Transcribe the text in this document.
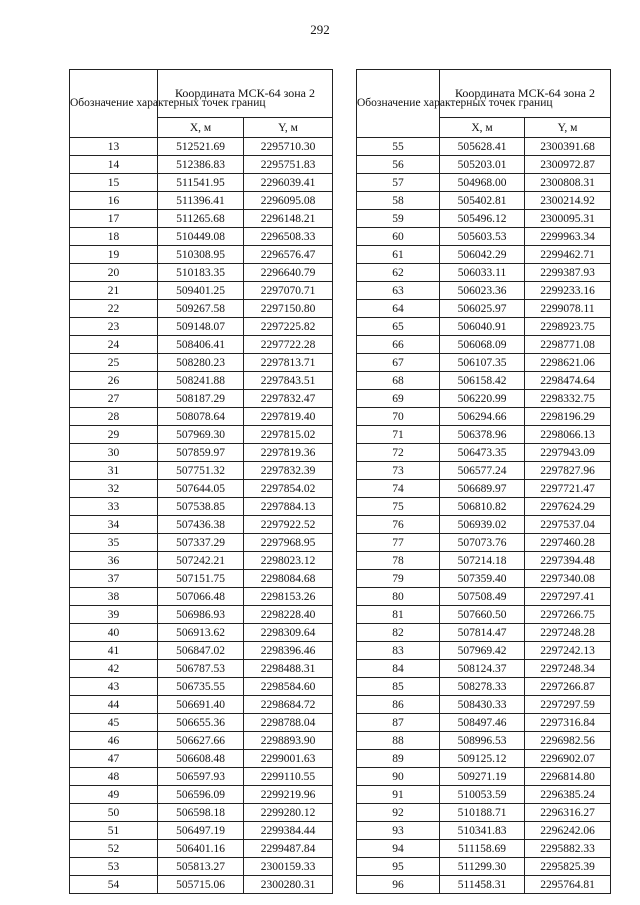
292
Обозначение характерных точек границ	Координата МСК-64 зона 2	
	X, м	Y, м
13	512521.69	2295710.30
14	512386.83	2295751.83
15	511541.95	2296039.41
16	511396.41	2296095.08
17	511265.68	2296148.21
18	510449.08	2296508.33
19	510308.95	2296576.47
20	510183.35	2296640.79
21	509401.25	2297070.71
22	509267.58	2297150.80
23	509148.07	2297225.82
24	508406.41	2297722.28
25	508280.23	2297813.71
26	508241.88	2297843.51
27	508187.29	2297832.47
28	508078.64	2297819.40
29	507969.30	2297815.02
30	507859.97	2297819.36
31	507751.32	2297832.39
32	507644.05	2297854.02
33	507538.85	2297884.13
34	507436.38	2297922.52
35	507337.29	2297968.95
36	507242.21	2298023.12
37	507151.75	2298084.68
38	507066.48	2298153.26
39	506986.93	2298228.40
40	506913.62	2298309.64
41	506847.02	2298396.46
42	506787.53	2298488.31
43	506735.55	2298584.60
44	506691.40	2298684.72
45	506655.36	2298788.04
46	506627.66	2298893.90
47	506608.48	2299001.63
48	506597.93	2299110.55
49	506596.09	2299219.96
50	506598.18	2299280.12
51	506497.19	2299384.44
52	506401.16	2299487.84
53	505813.27	2300159.33
54	505715.06	2300280.31
Обозначение характерных точек границ	Координата МСК-64 зона 2	
	X, м	Y, м
55	505628.41	2300391.68
56	505203.01	2300972.87
57	504968.00	2300808.31
58	505402.81	2300214.92
59	505496.12	2300095.31
60	505603.53	2299963.34
61	506042.29	2299462.71
62	506033.11	2299387.93
63	506023.36	2299233.16
64	506025.97	2299078.11
65	506040.91	2298923.75
66	506068.09	2298771.08
67	506107.35	2298621.06
68	506158.42	2298474.64
69	506220.99	2298332.75
70	506294.66	2298196.29
71	506378.96	2298066.13
72	506473.35	2297943.09
73	506577.24	2297827.96
74	506689.97	2297721.47
75	506810.82	2297624.29
76	506939.02	2297537.04
77	507073.76	2297460.28
78	507214.18	2297394.48
79	507359.40	2297340.08
80	507508.49	2297297.41
81	507660.50	2297266.75
82	507814.47	2297248.28
83	507969.42	2297242.13
84	508124.37	2297248.34
85	508278.33	2297266.87
86	508430.33	2297297.59
87	508497.46	2297316.84
88	508996.53	2296982.56
89	509125.12	2296902.07
90	509271.19	2296814.80
91	510053.59	2296385.24
92	510188.71	2296316.27
93	510341.83	2296242.06
94	511158.69	2295882.33
95	511299.30	2295825.39
96	511458.31	2295764.81
